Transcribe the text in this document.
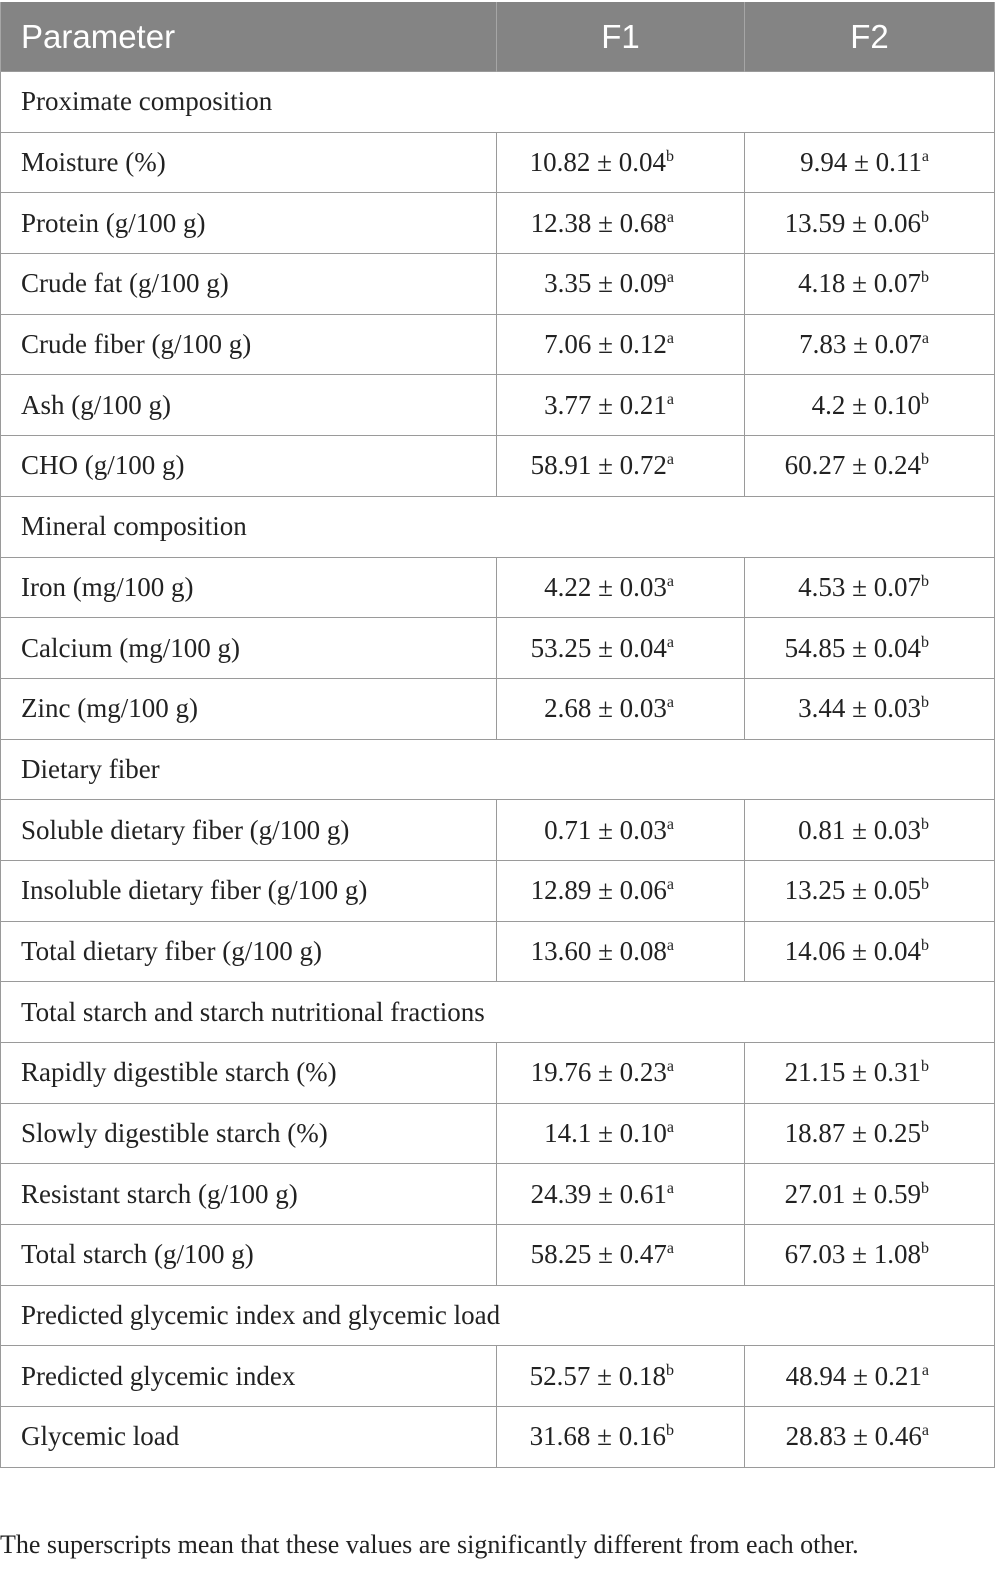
Parameter	F1	F2
Proximate composition		
Moisture (%)	10.82 ± 0.04$^b$	9.94 ± 0.11$^a$
Protein (g/100 g)	12.38 ± 0.68$^a$	13.59 ± 0.06$^b$
Crude fat (g/100 g)	3.35 ± 0.09$^a$	4.18 ± 0.07$^b$
Crude fiber (g/100 g)	7.06 ± 0.12$^a$	7.83 ± 0.07$^a$
Ash (g/100 g)	3.77 ± 0.21$^a$	4.2 ± 0.10$^b$
CHO (g/100 g)	58.91 ± 0.72$^a$	60.27 ± 0.24$^b$
Mineral composition		
Iron (mg/100 g)	4.22 ± 0.03$^a$	4.53 ± 0.07$^b$
Calcium (mg/100 g)	53.25 ± 0.04$^a$	54.85 ± 0.04$^b$
Zinc (mg/100 g)	2.68 ± 0.03$^a$	3.44 ± 0.03$^b$
Dietary fiber		
Soluble dietary fiber (g/100 g)	0.71 ± 0.03$^a$	0.81 ± 0.03$^b$
Insoluble dietary fiber (g/100 g)	12.89 ± 0.06$^a$	13.25 ± 0.05$^b$
Total dietary fiber (g/100 g)	13.60 ± 0.08$^a$	14.06 ± 0.04$^b$
Total starch and starch nutritional fractions		
Rapidly digestible starch (%)	19.76 ± 0.23$^a$	21.15 ± 0.31$^b$
Slowly digestible starch (%)	14.1 ± 0.10$^a$	18.87 ± 0.25$^b$
Resistant starch (g/100 g)	24.39 ± 0.61$^a$	27.01 ± 0.59$^b$
Total starch (g/100 g)	58.25 ± 0.47$^a$	67.03 ± 1.08$^b$
Predicted glycemic index and glycemic load		
Predicted glycemic index	52.57 ± 0.18$^b$	48.94 ± 0.21$^a$
Glycemic load	31.68 ± 0.16$^b$	28.83 ± 0.46$^a$
The superscripts mean that these values are significantly different from each other.
